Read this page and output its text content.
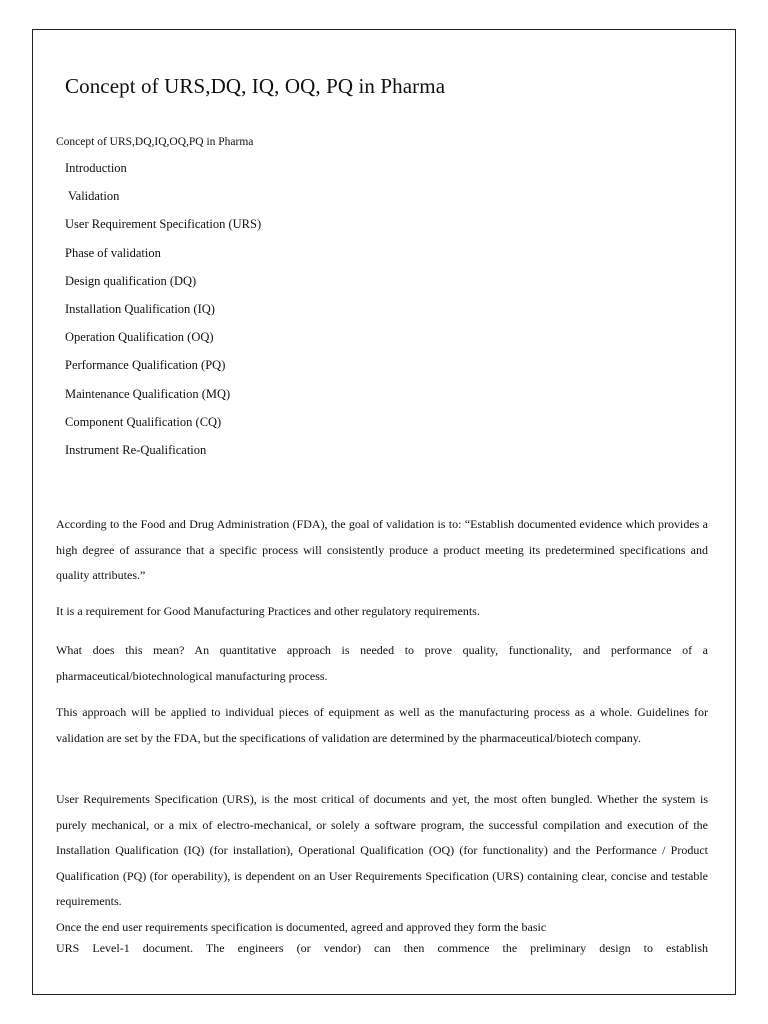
Concept of URS,DQ, IQ, OQ, PQ in Pharma
Concept of URS,DQ,IQ,OQ,PQ in Pharma
Introduction
Validation
User Requirement Specification (URS)
Phase of validation
Design qualification (DQ)
Installation Qualification (IQ)
Operation Qualification (OQ)
Performance Qualification (PQ)
Maintenance Qualification (MQ)
Component Qualification (CQ)
Instrument Re-Qualification

According to the Food and Drug Administration (FDA), the goal of validation is to: “Establish documented evidence which provides a high degree of assurance that a specific process will consistently produce a product meeting its predetermined specifications and quality attributes.”

It is a requirement for Good Manufacturing Practices and other regulatory requirements.

What does this mean? An quantitative approach is needed to prove quality, functionality, and performance of a pharmaceutical/biotechnological manufacturing process.

This approach will be applied to individual pieces of equipment as well as the manufacturing process as a whole. Guidelines for validation are set by the FDA, but the specifications of validation are determined by the pharmaceutical/biotech company.

User Requirements Specification (URS), is the most critical of documents and yet, the most often bungled. Whether the system is purely mechanical, or a mix of electro-mechanical, or solely a software program, the successful compilation and execution of the Installation Qualification (IQ) (for installation), Operational Qualification (OQ) (for functionality) and the Performance / Product Qualification (PQ) (for operability), is dependent on an User Requirements Specification (URS) containing clear, concise and testable requirements.

Once the end user requirements specification is documented, agreed and approved they form the basic

URS Level-1 document. The engineers (or vendor) can then commence the preliminary design to establish
